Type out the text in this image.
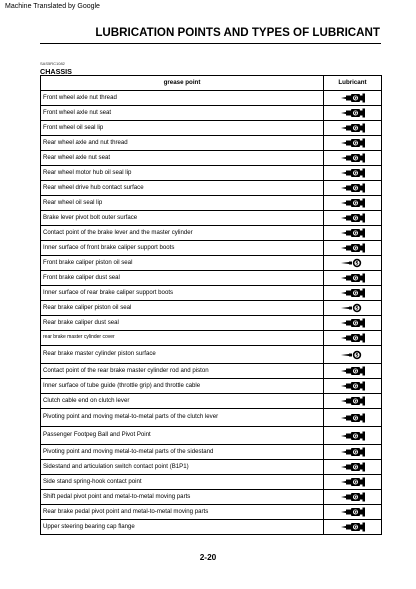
Machine Translated by Google
LUBRICATION POINTS AND TYPES OF LUBRICANT
SAS5RC1082
CHASSIS
grease point	Lubricant
Front wheel axle nut thread	G

Front wheel axle nut seat	G

Front wheel oil seal lip	G

Rear wheel axle and nut thread	G

Rear wheel axle nut seat	G

Rear wheel motor hub oil seal lip	G

Rear wheel drive hub contact surface	G

Rear wheel oil seal lip	G

Brake lever pivot bolt outer surface	G

Contact point of the brake lever and the master cylinder	G

Inner surface of front brake caliper support boots	G

Front brake caliper piston oil seal	S

Front brake caliper dust seal	G

Inner surface of rear brake caliper support boots	G

Rear brake caliper piston oil seal	S

Rear brake caliper dust seal	G

rear brake master cylinder cover	G

Rear brake master cylinder piston surface	S

Contact point of the rear brake master cylinder rod and piston	G

Inner surface of tube guide (throttle grip) and throttle cable	G

Clutch cable end on clutch lever	G

Pivoting point and moving metal-to-metal parts of the clutch lever	G

Passenger Footpeg Ball and Pivot Point	G

Pivoting point and moving metal-to-metal parts of the sidestand	G

Sidestand and articulation switch contact point (B1P1)	G

Side stand spring-hook contact point	G

Shift pedal pivot point and metal-to-metal moving parts	G

Rear brake pedal pivot point and metal-to-metal moving parts	G

Upper steering bearing cap flange	G
2-20
